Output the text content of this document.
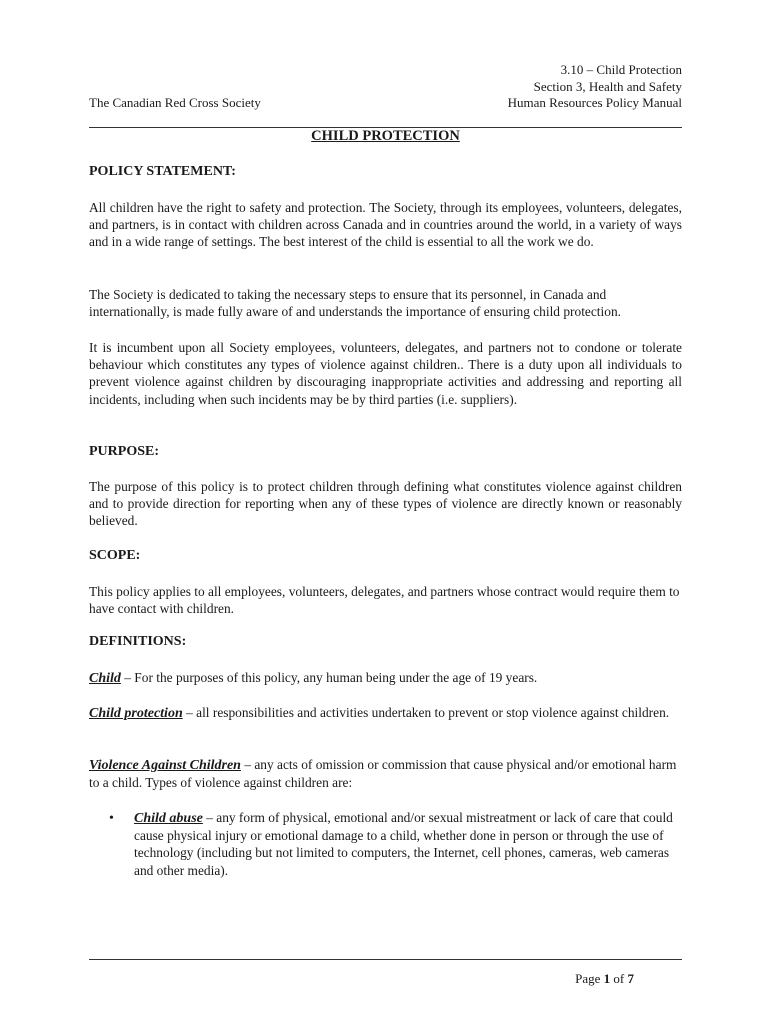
3.10 – Child Protection
Section 3, Health and Safety
Human Resources Policy Manual
The Canadian Red Cross Society
CHILD PROTECTION
POLICY STATEMENT:
All children have the right to safety and protection. The Society, through its employees, volunteers, delegates, and partners, is in contact with children across Canada and in countries around the world, in a variety of ways and in a wide range of settings. The best interest of the child is essential to all the work we do.
The Society is dedicated to taking the necessary steps to ensure that its personnel, in Canada and internationally, is made fully aware of and understands the importance of ensuring child protection.
It is incumbent upon all Society employees, volunteers, delegates, and partners not to condone or tolerate behaviour which constitutes any types of violence against children.. There is a duty upon all individuals to prevent violence against children by discouraging inappropriate activities and addressing and reporting all incidents, including when such incidents may be by third parties (i.e. suppliers).
PURPOSE:
The purpose of this policy is to protect children through defining what constitutes violence against children and to provide direction for reporting when any of these types of violence are directly known or reasonably believed.
SCOPE:
This policy applies to all employees, volunteers, delegates, and partners whose contract would require them to have contact with children.
DEFINITIONS:
Child – For the purposes of this policy, any human being under the age of 19 years.
Child protection – all responsibilities and activities undertaken to prevent or stop violence against children.
Violence Against Children – any acts of omission or commission that cause physical and/or emotional harm to a child. Types of violence against children are:
• Child abuse – any form of physical, emotional and/or sexual mistreatment or lack of care that could cause physical injury or emotional damage to a child, whether done in person or through the use of technology (including but not limited to computers, the Internet, cell phones, cameras, web cameras and other media).
Page 1 of 7
